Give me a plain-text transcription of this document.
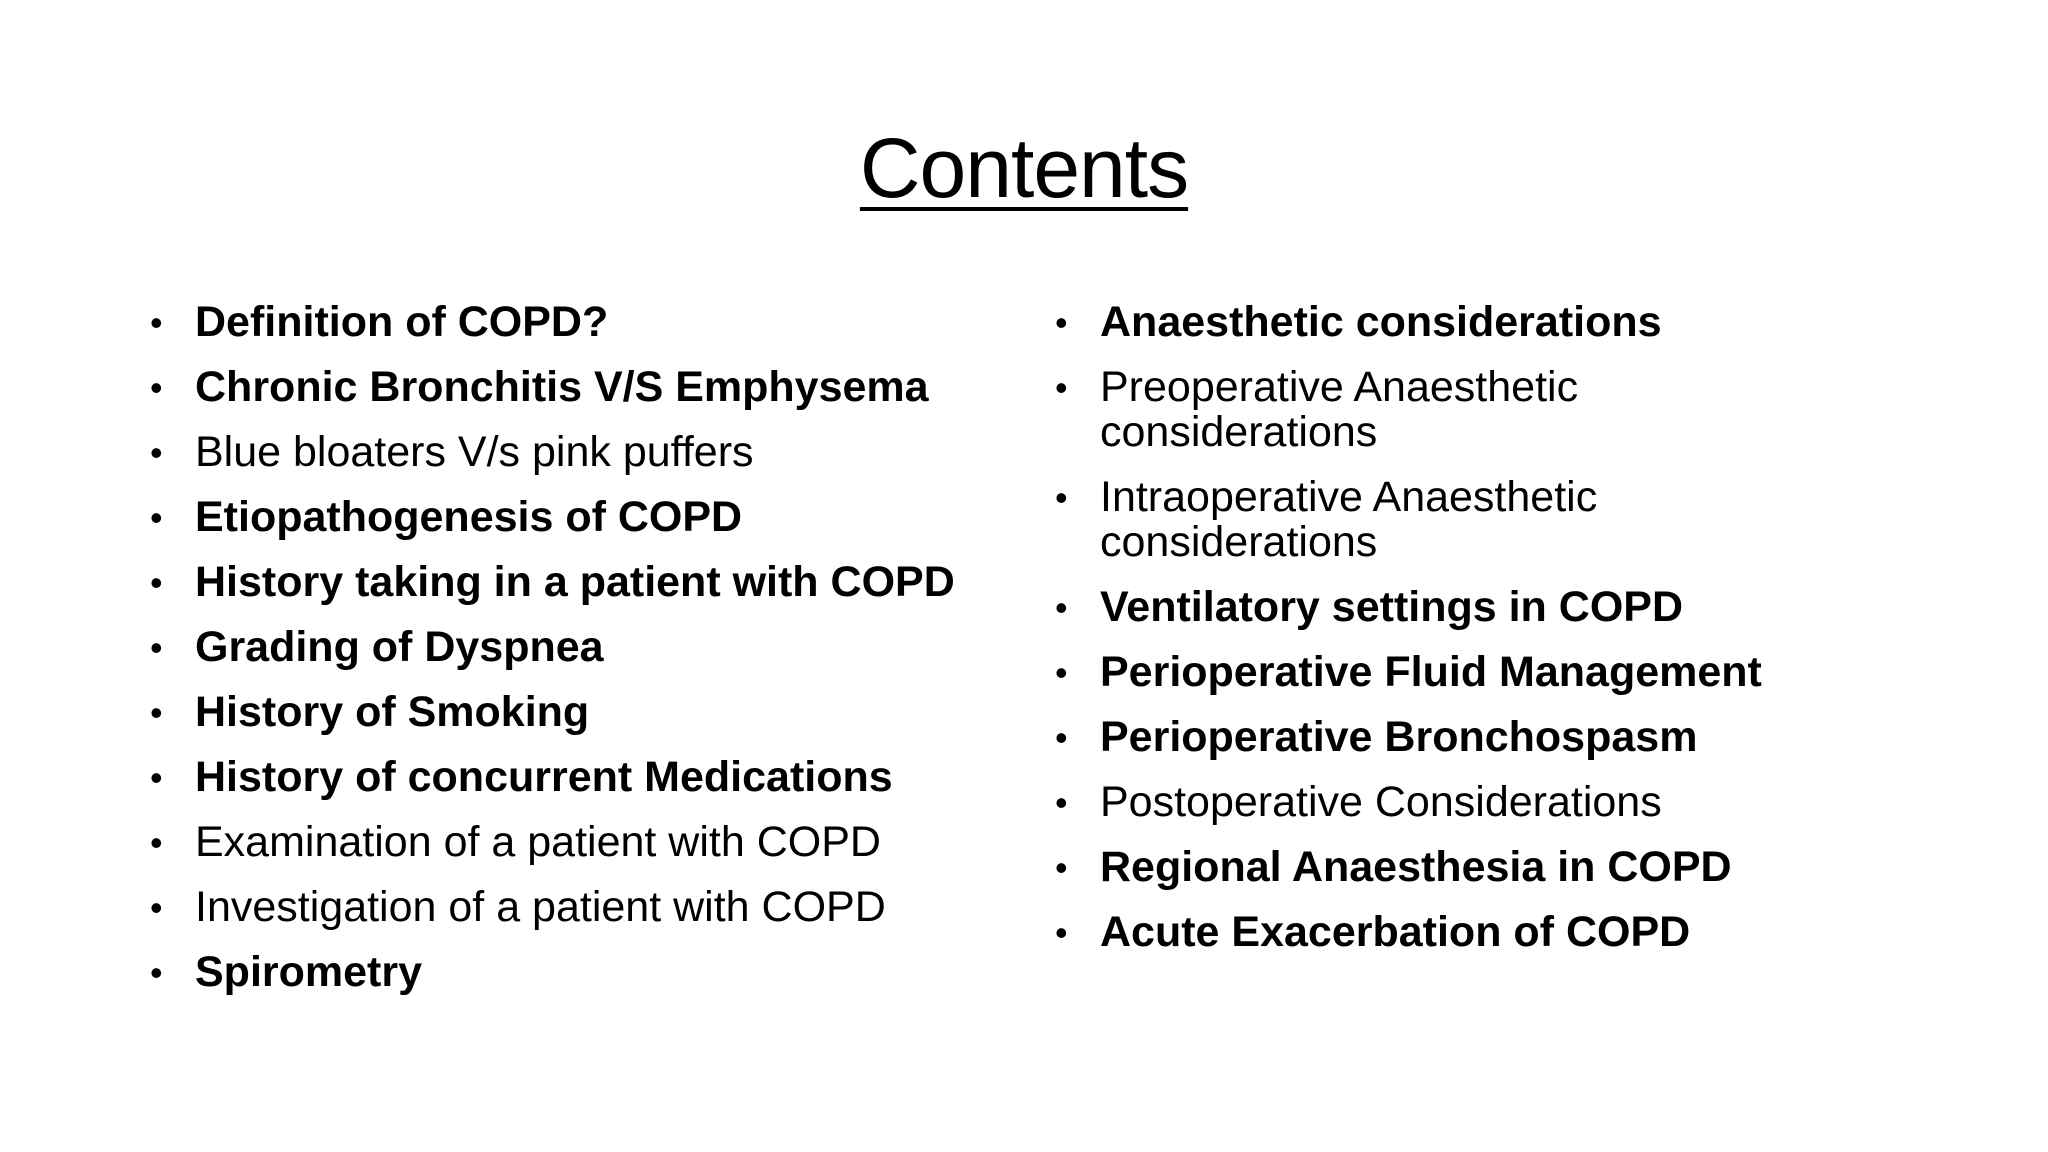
Contents
• Definition of COPD?
• Chronic Bronchitis V/S Emphysema
• Blue bloaters V/s pink puffers
• Etiopathogenesis of COPD
• History taking in a patient with COPD
• Grading of Dyspnea
• History of Smoking
• History of concurrent Medications
• Examination of a patient with COPD
• Investigation of a patient with COPD
• Spirometry
• Anaesthetic considerations
• Preoperative Anaesthetic considerations
• Intraoperative Anaesthetic considerations
• Ventilatory settings in COPD
• Perioperative Fluid Management
• Perioperative Bronchospasm
• Postoperative Considerations
• Regional Anaesthesia in COPD
• Acute Exacerbation of COPD
